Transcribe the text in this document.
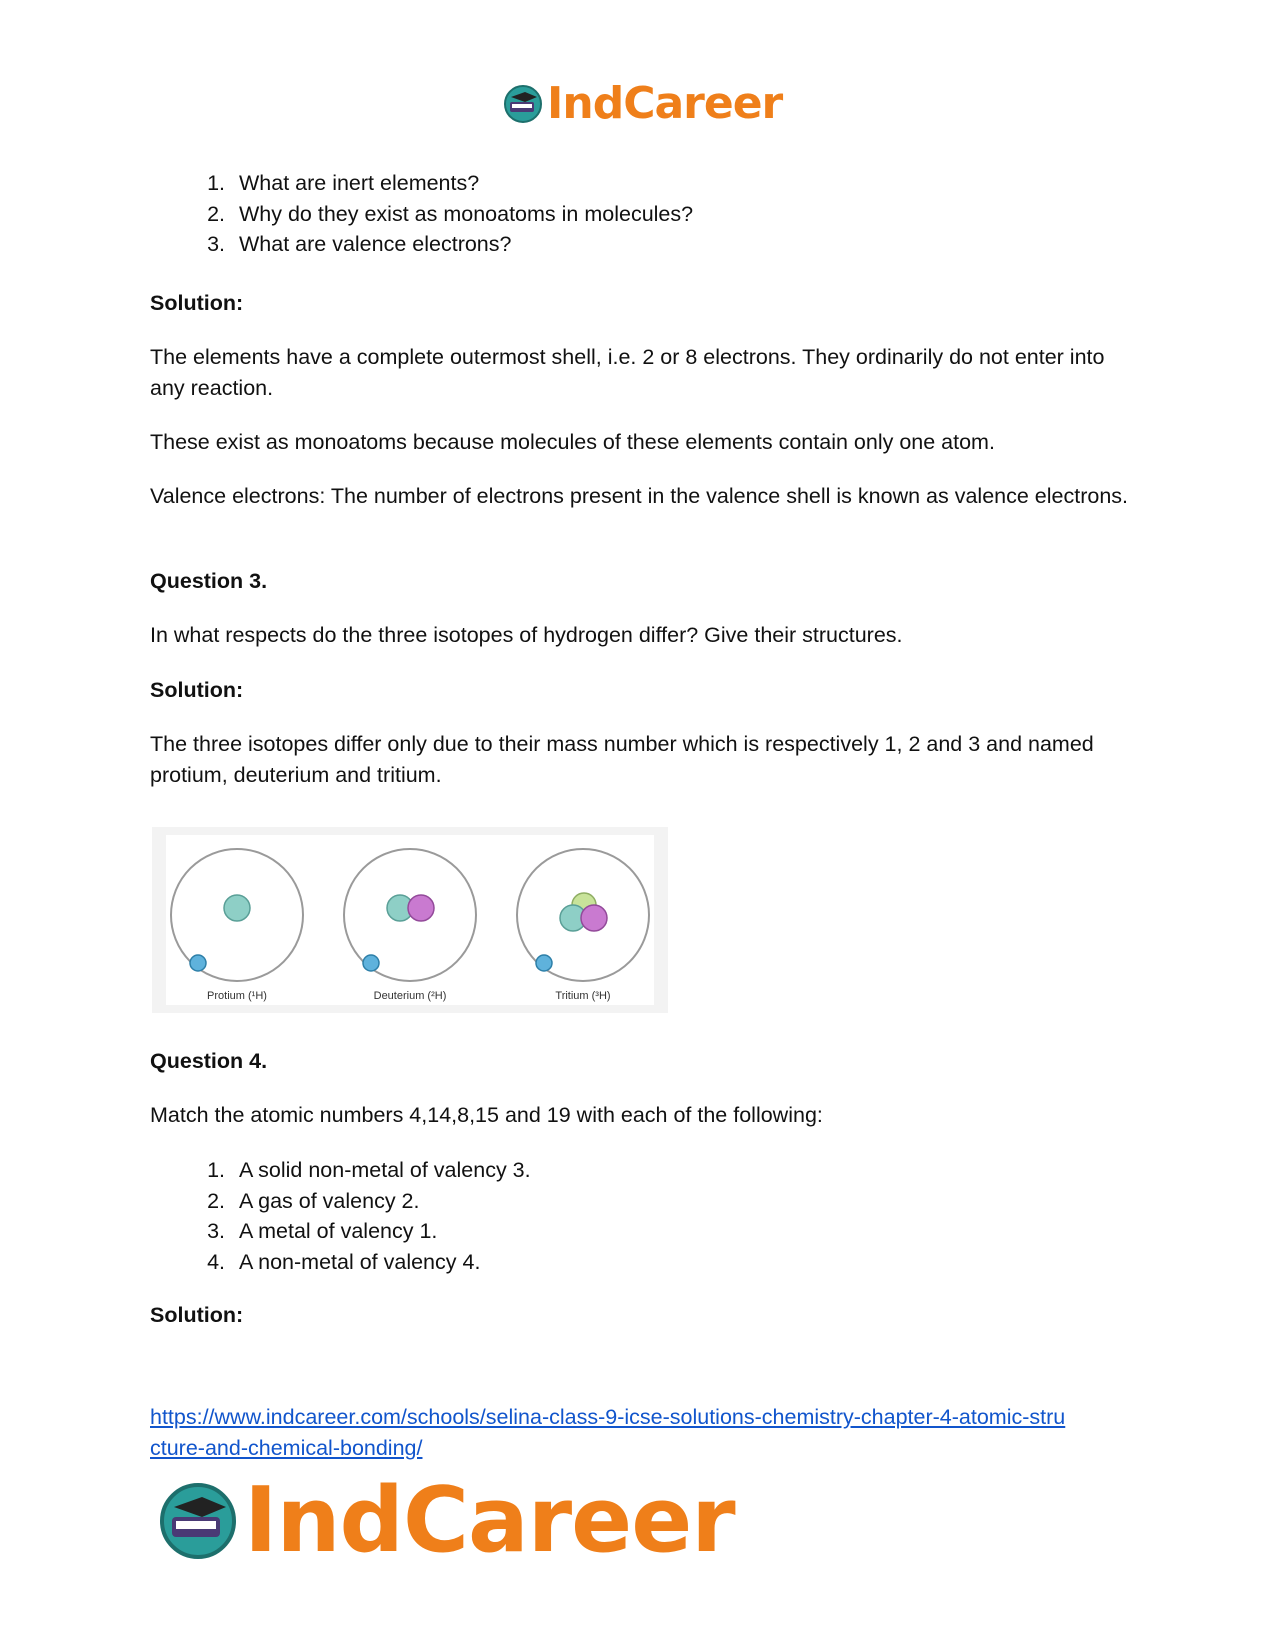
IndCareer
1. What are inert elements?
2. Why do they exist as monoatoms in molecules?
3. What are valence electrons?
Solution:
The elements have a complete outermost shell, i.e. 2 or 8 electrons. They ordinarily do not enter into any reaction.
These exist as monoatoms because molecules of these elements contain only one atom.
Valence electrons: The number of electrons present in the valence shell is known as valence electrons.
Question 3.
In what respects do the three isotopes of hydrogen differ? Give their structures.
Solution:
The three isotopes differ only due to their mass number which is respectively 1, 2 and 3 and named protium, deuterium and tritium.
Protium (¹H)	Deuterium (²H)	Tritium (³H)
Question 4.
Match the atomic numbers 4,14,8,15 and 19 with each of the following:
1. A solid non-metal of valency 3.
2. A gas of valency 2.
3. A metal of valency 1.
4. A non-metal of valency 4.
Solution:
https://www.indcareer.com/schools/selina-class-9-icse-solutions-chemistry-chapter-4-atomic-stru
cture-and-chemical-bonding/
IndCareer
